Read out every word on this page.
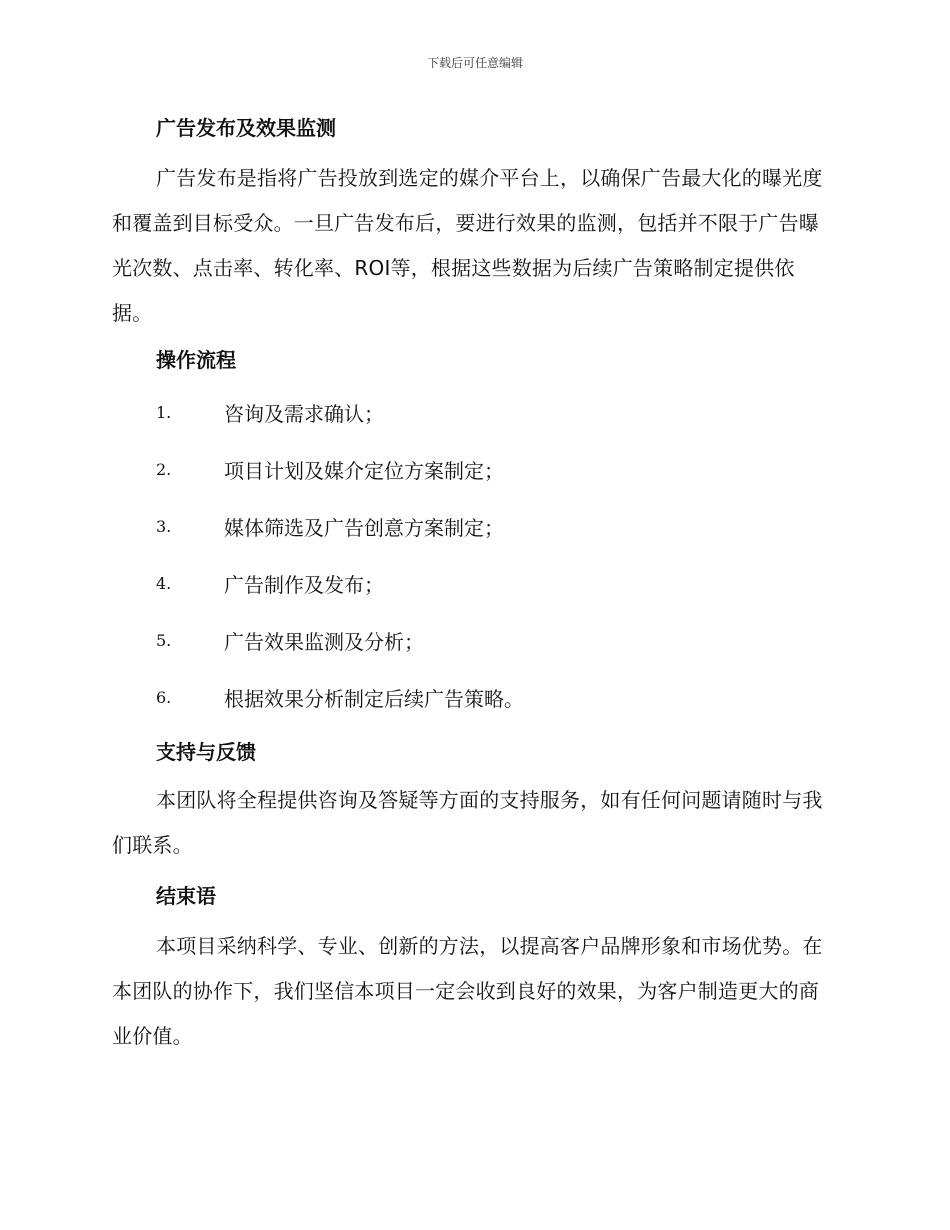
下载后可任意编辑
广告发布及效果监测

广告发布是指将广告投放到选定的媒介平台上，以确保广告最大化的曝光度和覆盖到目标受众。一旦广告发布后，要进行效果的监测，包括并不限于广告曝光次数、点击率、转化率、ROI等，根据这些数据为后续广告策略制定提供依据。

操作流程
1.	咨询及需求确认；
2.	项目计划及媒介定位方案制定；
3.	媒体筛选及广告创意方案制定；
4.	广告制作及发布；
5.	广告效果监测及分析；
6.	根据效果分析制定后续广告策略。
支持与反馈

本团队将全程提供咨询及答疑等方面的支持服务，如有任何问题请随时与我们联系。

结束语

本项目采纳科学、专业、创新的方法，以提高客户品牌形象和市场优势。在本团队的协作下，我们坚信本项目一定会收到良好的效果，为客户制造更大的商业价值。
